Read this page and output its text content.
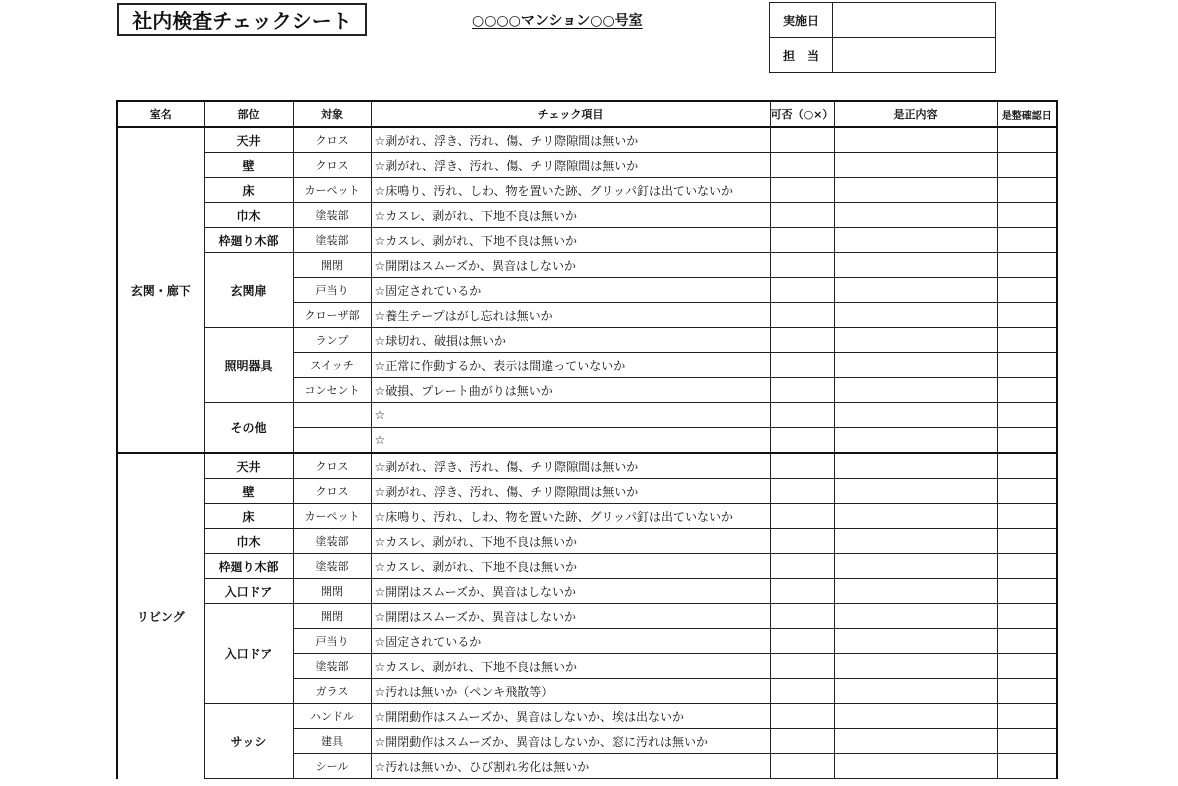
社内検査チェックシート	○○○○マンション○○号室	実施日	
担　当	
室名	部位	対象	チェック項目	可否（○×）	是正内容	是整確認日
玄関・廊下	天井	クロス	☆剥がれ、浮き、汚れ、傷、チリ際隙間は無いか			
	壁	クロス	☆剥がれ、浮き、汚れ、傷、チリ際隙間は無いか			
	床	カーペット	☆床鳴り、汚れ、しわ、物を置いた跡、グリッパ釘は出ていないか			
	巾木	塗装部	☆カスレ、剥がれ、下地不良は無いか			
	枠廻り木部	塗装部	☆カスレ、剥がれ、下地不良は無いか			
	玄関扉	開閉	☆開閉はスムーズか、異音はしないか			
		戸当り	☆固定されているか			
		クローザ部	☆養生テープはがし忘れは無いか			
	照明器具	ランプ	☆球切れ、破損は無いか			
		スイッチ	☆正常に作動するか、表示は間違っていないか			
		コンセント	☆破損、プレート曲がりは無いか			
	その他		☆			
			☆			
リビング	天井	クロス	☆剥がれ、浮き、汚れ、傷、チリ際隙間は無いか			
	壁	クロス	☆剥がれ、浮き、汚れ、傷、チリ際隙間は無いか			
	床	カーペット	☆床鳴り、汚れ、しわ、物を置いた跡、グリッパ釘は出ていないか			
	巾木	塗装部	☆カスレ、剥がれ、下地不良は無いか			
	枠廻り木部	塗装部	☆カスレ、剥がれ、下地不良は無いか			
	入口ドア	開閉	☆開閉はスムーズか、異音はしないか			
	入口ドア	開閉	☆開閉はスムーズか、異音はしないか			
		戸当り	☆固定されているか			
		塗装部	☆カスレ、剥がれ、下地不良は無いか			
		ガラス	☆汚れは無いか（ペンキ飛散等）			
	サッシ	ハンドル	☆開閉動作はスムーズか、異音はしないか、埃は出ないか			
		建具	☆開閉動作はスムーズか、異音はしないか、窓に汚れは無いか			
		シール	☆汚れは無いか、ひび割れ劣化は無いか			
